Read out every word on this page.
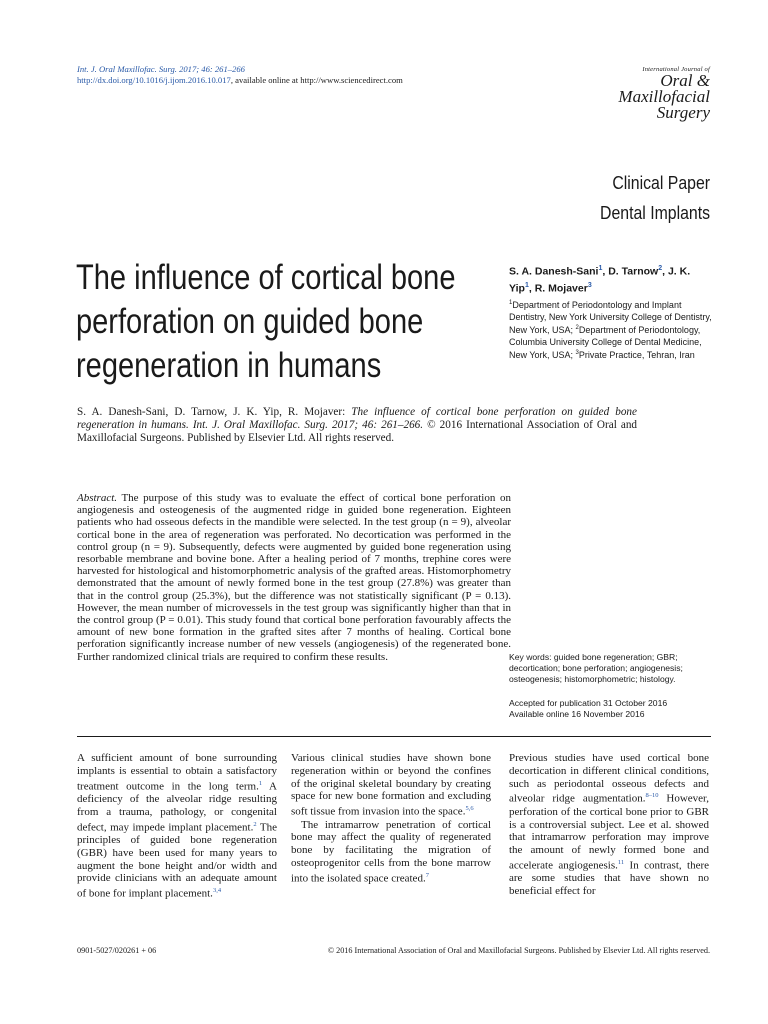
Int. J. Oral Maxillofac. Surg. 2017; 46: 261–266
http://dx.doi.org/10.1016/j.ijom.2016.10.017, available online at http://www.sciencedirect.com
International Journal of
Oral &
Maxillofacial
Surgery
Clinical Paper
Dental Implants
The influence of cortical bone perforation on guided bone regeneration in humans
S. A. Danesh-Sani$^1$, D. Tarnow$^2$, J. K. Yip$^1$, R. Mojaver$^3$
$^1$Department of Periodontology and Implant Dentistry, New York University College of Dentistry, New York, USA; $^2$Department of Periodontology, Columbia University College of Dental Medicine, New York, USA; $^3$Private Practice, Tehran, Iran
S. A. Danesh-Sani, D. Tarnow, J. K. Yip, R. Mojaver: The influence of cortical bone perforation on guided bone regeneration in humans. Int. J. Oral Maxillofac. Surg. 2017; 46: 261–266. © 2016 International Association of Oral and Maxillofacial Surgeons. Published by Elsevier Ltd. All rights reserved.
Abstract. The purpose of this study was to evaluate the effect of cortical bone perforation on angiogenesis and osteogenesis of the augmented ridge in guided bone regeneration. Eighteen patients who had osseous defects in the mandible were selected. In the test group (n = 9), alveolar cortical bone in the area of regeneration was perforated. No decortication was performed in the control group (n = 9). Subsequently, defects were augmented by guided bone regeneration using resorbable membrane and bovine bone. After a healing period of 7 months, trephine cores were harvested for histological and histomorphometric analysis of the grafted areas. Histomorphometry demonstrated that the amount of newly formed bone in the test group (27.8%) was greater than that in the control group (25.3%), but the difference was not statistically significant (P = 0.13). However, the mean number of microvessels in the test group was significantly higher than that in the control group (P = 0.01). This study found that cortical bone perforation favourably affects the amount of new bone formation in the grafted sites after 7 months of healing. Cortical bone perforation significantly increase number of new vessels (angiogenesis) of the regenerated bone. Further randomized clinical trials are required to confirm these results.	Key words: guided bone regeneration; GBR; decortication; bone perforation; angiogenesis; osteogenesis; histomorphometric; histology.
Accepted for publication 31 October 2016
Available online 16 November 2016
A sufficient amount of bone surrounding implants is essential to obtain a satisfactory treatment outcome in the long term.$^1$ A deficiency of the alveolar ridge resulting from a trauma, pathology, or congenital defect, may impede implant placement.$^2$ The principles of guided bone regeneration (GBR) have been used for many years to augment the bone height and/or width and provide clinicians with an adequate amount of bone for implant placement.$^{3,4}$
Various clinical studies have shown bone regeneration within or beyond the confines of the original skeletal boundary by creating space for new bone formation and excluding soft tissue from invasion into the space.$^{5,6}$
The intramarrow penetration of cortical bone may affect the quality of regenerated bone by facilitating the migration of osteoprogenitor cells from the bone marrow into the isolated space created.$^7$
Previous studies have used cortical bone decortication in different clinical conditions, such as periodontal osseous defects and alveolar ridge augmentation.$^{8-10}$ However, perforation of the cortical bone prior to GBR is a controversial subject. Lee et al. showed that intramarrow perforation may improve the amount of newly formed bone and accelerate angiogenesis.$^{11}$ In contrast, there are some studies that have shown no beneficial effect for
0901-5027/020261 + 06	© 2016 International Association of Oral and Maxillofacial Surgeons. Published by Elsevier Ltd. All rights reserved.
